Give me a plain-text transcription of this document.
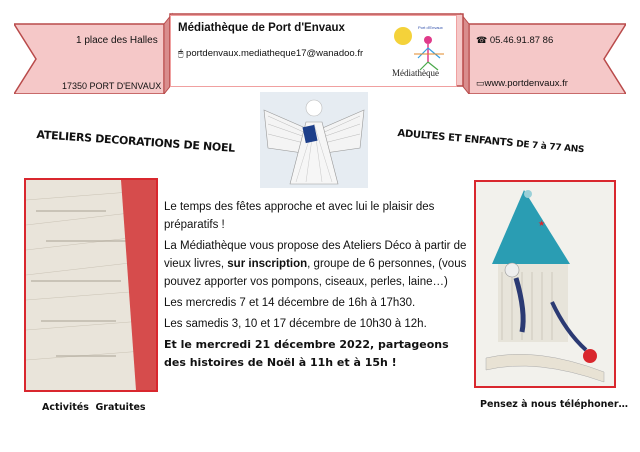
1 place des Halles
17350 PORT D'ENVAUX
Médiathèque de Port d'Envaux
🖱 portdenvaux.mediatheque17@wanadoo.fr
Port d'Envaux
Médiathèque
☎ 05.46.91.87 86
▭www.portdenvaux.fr
ATELIERS DECORATIONS DE NOEL	ADULTES ET ENFANTS DE 7 à 77 ANS
★

Le temps des fêtes approche et avec lui le plaisir des préparatifs !

La Médiathèque vous propose des Ateliers Déco à partir de vieux livres, sur inscription, groupe de 6 personnes, (vous pouvez apporter vos pompons, ciseaux, perles, laine…)

Les mercredis 7 et 14 décembre de 16h à 17h30.

Les samedis 3, 10 et 17 décembre de 10h30 à 12h.

Et le mercredi 21 décembre 2022, partageons des histoires de Noël à 11h et à 15h !

Activités  Gratuites	Pensez à nous téléphoner…
